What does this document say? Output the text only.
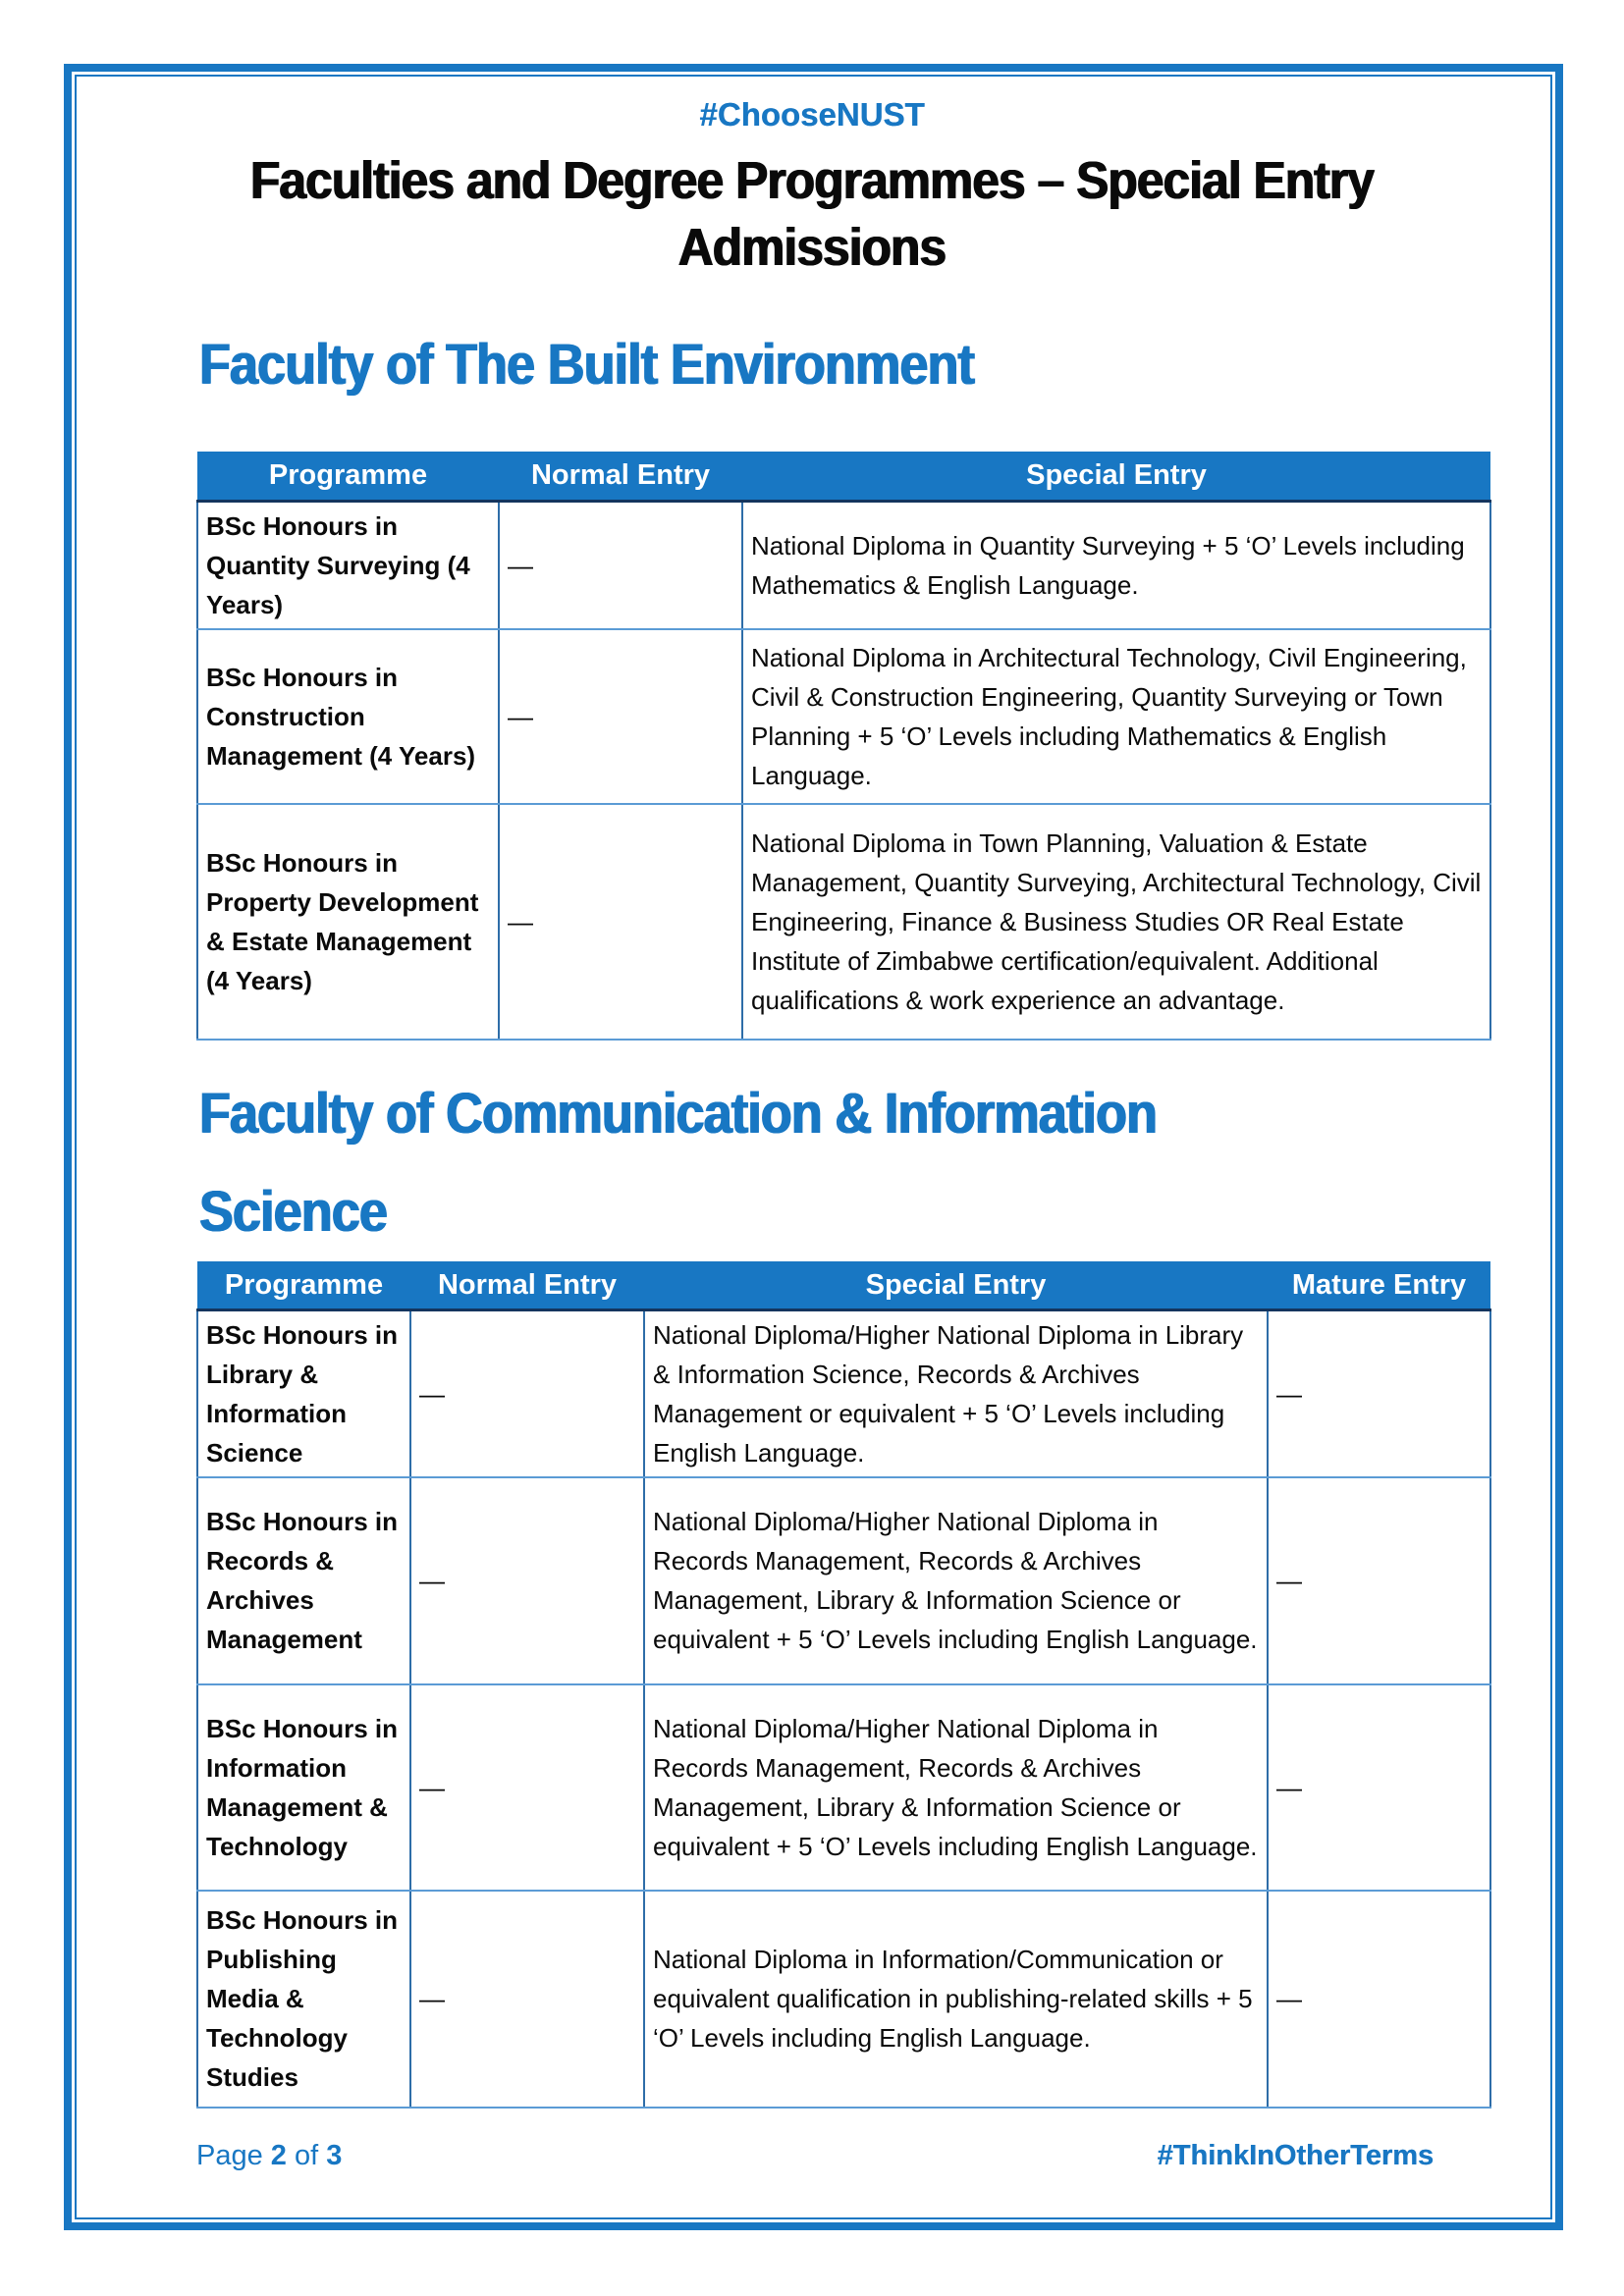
#ChooseNUST
Faculties and Degree Programmes – Special Entry
Admissions
Faculty of The Built Environment
Programme	Normal Entry	Special Entry
BSc Honours in Quantity Surveying (4 Years)	—	National Diploma in Quantity Surveying + 5 ‘O’ Levels including Mathematics & English Language.
BSc Honours in Construction Management (4 Years)	—	National Diploma in Architectural Technology, Civil Engineering, Civil & Construction Engineering, Quantity Surveying or Town Planning + 5 ‘O’ Levels including Mathematics & English Language.
BSc Honours in Property Development & Estate Management (4 Years)	—	National Diploma in Town Planning, Valuation & Estate Management, Quantity Surveying, Architectural Technology, Civil Engineering, Finance & Business Studies OR Real Estate Institute of Zimbabwe certification/equivalent. Additional qualifications & work experience an advantage.
Faculty of Communication & Information
Science
Programme	Normal Entry	Special Entry	Mature Entry
BSc Honours in Library & Information Science	—	National Diploma/Higher National Diploma in Library & Information Science, Records & Archives Management or equivalent + 5 ‘O’ Levels including English Language.	—
BSc Honours in Records & Archives Management	—	National Diploma/Higher National Diploma in Records Management, Records & Archives Management, Library & Information Science or equivalent + 5 ‘O’ Levels including English Language.	—
BSc Honours in Information Management & Technology	—	National Diploma/Higher National Diploma in Records Management, Records & Archives Management, Library & Information Science or equivalent + 5 ‘O’ Levels including English Language.	—
BSc Honours in Publishing Media & Technology Studies	—	National Diploma in Information/Communication or equivalent qualification in publishing-related skills + 5 ‘O’ Levels including English Language.	—
Page 2 of 3	#ThinkInOtherTerms
